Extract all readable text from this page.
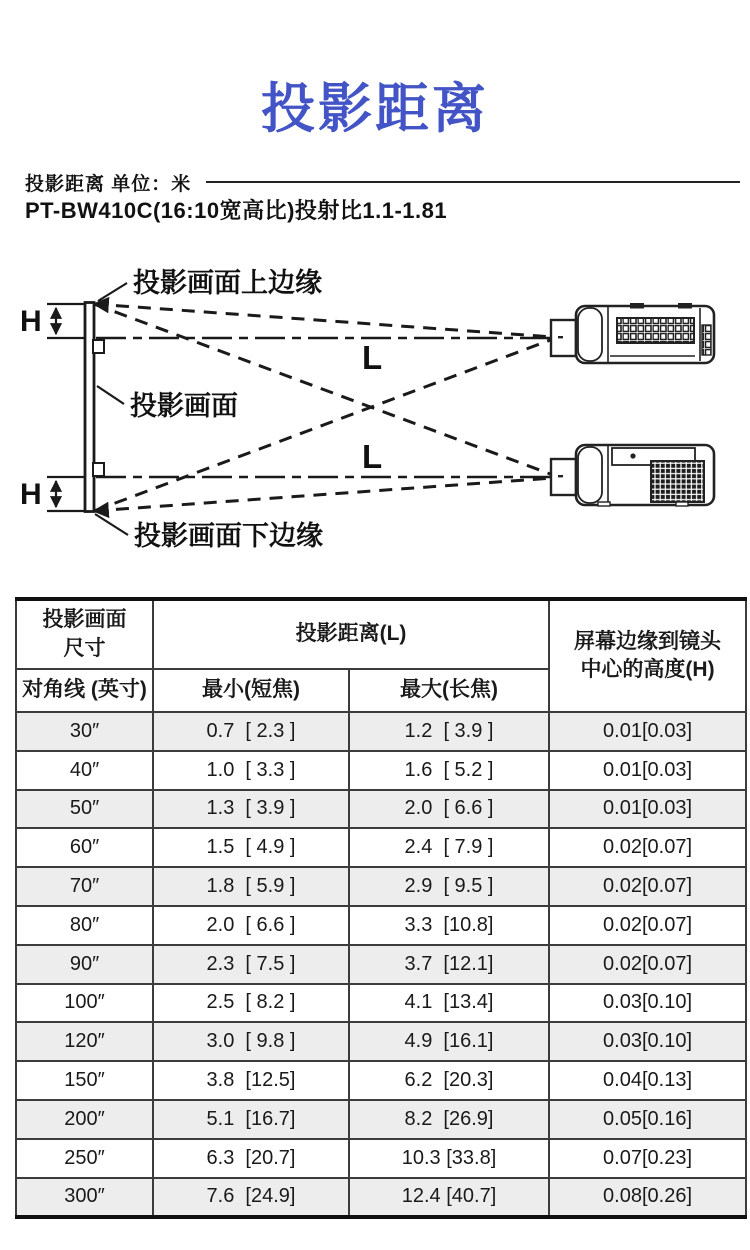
投影距离
投影距离 单位：米
PT-BW410C(16:10宽高比)投射比1.1-1.81
H
H
L
L
投影画面上边缘
投影画面
投影画面下边缘
投影画面
尺寸	投影距离(L)		屏幕边缘到镜头
中心的高度(H)
对角线 (英寸)	最小(短焦)	最大(长焦)	
30″	0.7  [ 2.3 ]	1.2  [ 3.9 ]	0.01[0.03]
40″	1.0  [ 3.3 ]	1.6  [ 5.2 ]	0.01[0.03]
50″	1.3  [ 3.9 ]	2.0  [ 6.6 ]	0.01[0.03]
60″	1.5  [ 4.9 ]	2.4  [ 7.9 ]	0.02[0.07]
70″	1.8  [ 5.9 ]	2.9  [ 9.5 ]	0.02[0.07]
80″	2.0  [ 6.6 ]	3.3  [10.8]	0.02[0.07]
90″	2.3  [ 7.5 ]	3.7  [12.1]	0.02[0.07]
100″	2.5  [ 8.2 ]	4.1  [13.4]	0.03[0.10]
120″	3.0  [ 9.8 ]	4.9  [16.1]	0.03[0.10]
150″	3.8  [12.5]	6.2  [20.3]	0.04[0.13]
200″	5.1  [16.7]	8.2  [26.9]	0.05[0.16]
250″	6.3  [20.7]	10.3 [33.8]	0.07[0.23]
300″	7.6  [24.9]	12.4 [40.7]	0.08[0.26]
